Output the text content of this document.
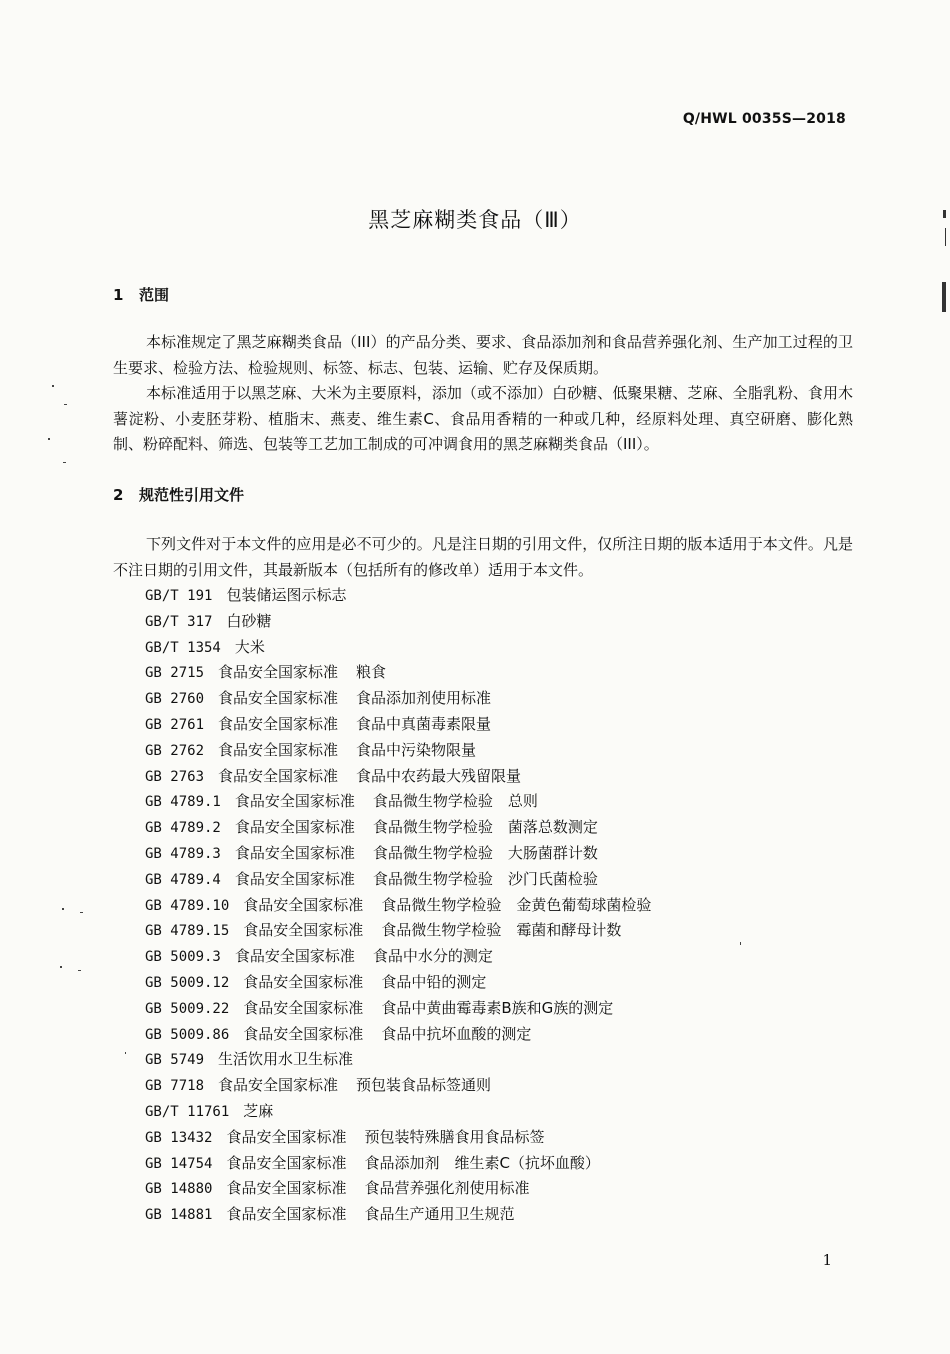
Q/HWL 0035S—2018
黑芝麻糊类食品（Ⅲ）
1 范围
本标准规定了黑芝麻糊类食品（III）的产品分类、要求、食品添加剂和食品营养强化剂、生产加工过程的卫生要求、检验方法、检验规则、标签、标志、包装、运输、贮存及保质期。
本标准适用于以黑芝麻、大米为主要原料，添加（或不添加）白砂糖、低聚果糖、芝麻、全脂乳粉、食用木薯淀粉、小麦胚芽粉、植脂末、燕麦、维生素C、食品用香精的一种或几种，经原料处理、真空研磨、膨化熟制、粉碎配料、筛选、包装等工艺加工制成的可冲调食用的黑芝麻糊类食品（III）。
2 规范性引用文件
下列文件对于本文件的应用是必不可少的。凡是注日期的引用文件，仅所注日期的版本适用于本文件。凡是不注日期的引用文件，其最新版本（包括所有的修改单）适用于本文件。
GB/T 191 包装储运图示标志
GB/T 317 白砂糖
GB/T 1354 大米
GB 2715 食品安全国家标准 粮食
GB 2760 食品安全国家标准 食品添加剂使用标准
GB 2761 食品安全国家标准 食品中真菌毒素限量
GB 2762 食品安全国家标准 食品中污染物限量
GB 2763 食品安全国家标准 食品中农药最大残留限量
GB 4789.1 食品安全国家标准 食品微生物学检验　总则
GB 4789.2 食品安全国家标准 食品微生物学检验　菌落总数测定
GB 4789.3 食品安全国家标准 食品微生物学检验　大肠菌群计数
GB 4789.4 食品安全国家标准 食品微生物学检验　沙门氏菌检验
GB 4789.10 食品安全国家标准 食品微生物学检验　金黄色葡萄球菌检验
GB 4789.15 食品安全国家标准 食品微生物学检验　霉菌和酵母计数
GB 5009.3 食品安全国家标准 食品中水分的测定
GB 5009.12 食品安全国家标准 食品中铅的测定
GB 5009.22 食品安全国家标准 食品中黄曲霉毒素B族和G族的测定
GB 5009.86 食品安全国家标准 食品中抗坏血酸的测定
GB 5749 生活饮用水卫生标准
GB 7718 食品安全国家标准 预包装食品标签通则
GB/T 11761 芝麻
GB 13432 食品安全国家标准 预包装特殊膳食用食品标签
GB 14754 食品安全国家标准 食品添加剂　维生素C（抗坏血酸）
GB 14880 食品安全国家标准 食品营养强化剂使用标准
GB 14881 食品安全国家标准 食品生产通用卫生规范
1
